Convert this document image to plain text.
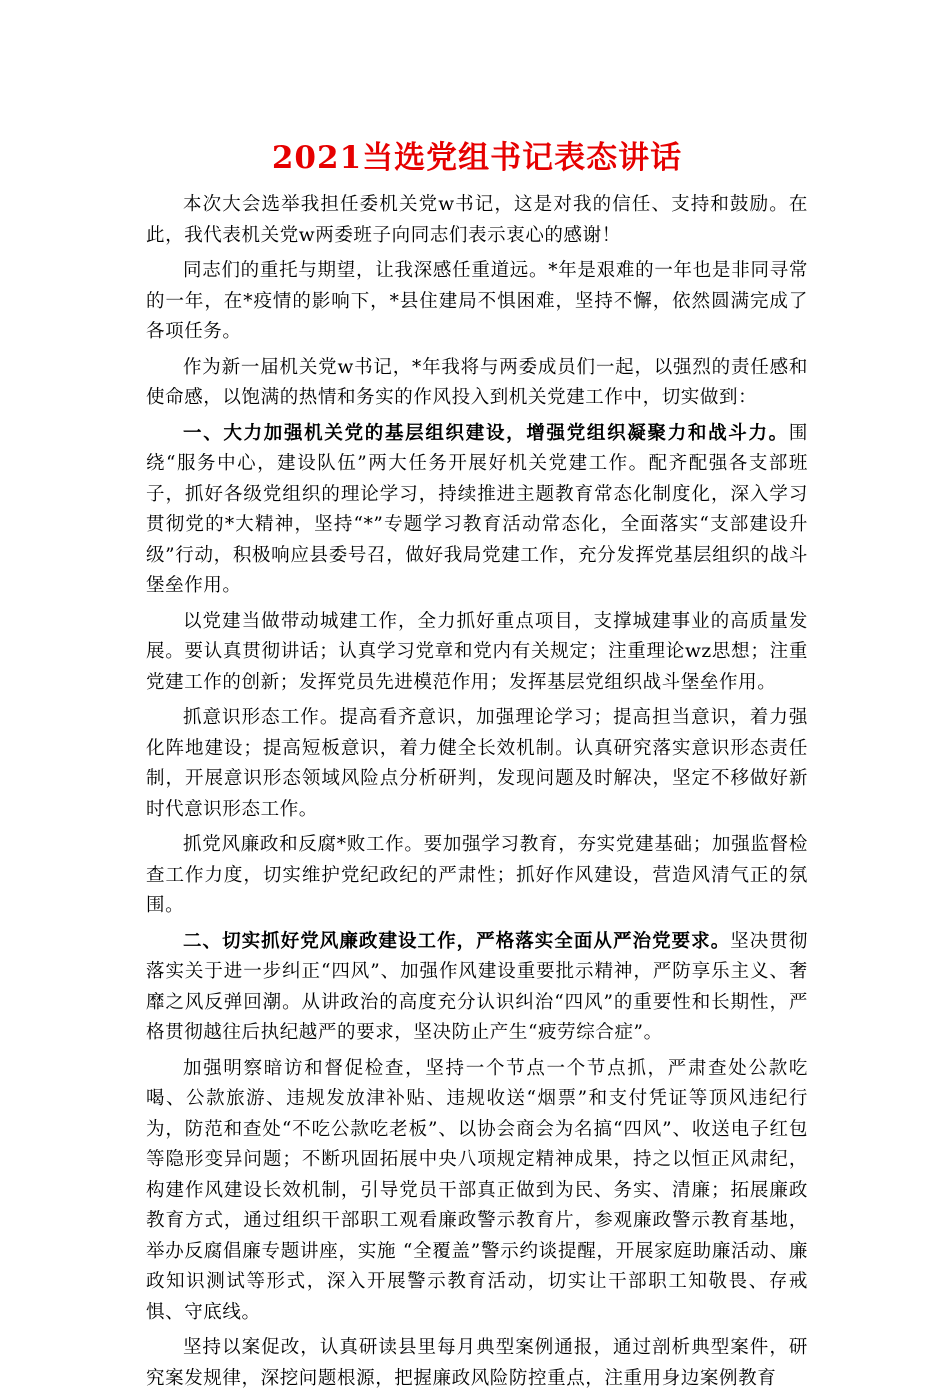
2021当选党组书记表态讲话

本次大会选举我担任委机关党w书记，这是对我的信任、支持和鼓励。在此，我代表机关党w两委班子向同志们表示衷心的感谢！

同志们的重托与期望，让我深感任重道远。*年是艰难的一年也是非同寻常的一年，在*疫情的影响下，*县住建局不惧困难，坚持不懈，依然圆满完成了各项任务。

作为新一届机关党w书记，*年我将与两委成员们一起，以强烈的责任感和使命感，以饱满的热情和务实的作风投入到机关党建工作中，切实做到：

一、大力加强机关党的基层组织建设，增强党组织凝聚力和战斗力。围绕“服务中心，建设队伍”两大任务开展好机关党建工作。配齐配强各支部班子，抓好各级党组织的理论学习，持续推进主题教育常态化制度化，深入学习贯彻党的*大精神，坚持“*”专题学习教育活动常态化，全面落实“支部建设升级”行动，积极响应县委号召，做好我局党建工作，充分发挥党基层组织的战斗堡垒作用。

以党建当做带动城建工作，全力抓好重点项目，支撑城建事业的高质量发展。要认真贯彻讲话；认真学习党章和党内有关规定；注重理论wz思想；注重党建工作的创新；发挥党员先进模范作用；发挥基层党组织战斗堡垒作用。

抓意识形态工作。提高看齐意识，加强理论学习；提高担当意识，着力强化阵地建设；提高短板意识，着力健全长效机制。认真研究落实意识形态责任制，开展意识形态领域风险点分析研判，发现问题及时解决，坚定不移做好新时代意识形态工作。

抓党风廉政和反腐*败工作。要加强学习教育，夯实党建基础；加强监督检查工作力度，切实维护党纪政纪的严肃性；抓好作风建设，营造风清气正的氛围。

二、切实抓好党风廉政建设工作，严格落实全面从严治党要求。坚决贯彻落实关于进一步纠正“四风”、加强作风建设重要批示精神，严防享乐主义、奢靡之风反弹回潮。从讲政治的高度充分认识纠治“四风”的重要性和长期性，严格贯彻越往后执纪越严的要求，坚决防止产生“疲劳综合症”。

加强明察暗访和督促检查，坚持一个节点一个节点抓，严肃查处公款吃喝、公款旅游、违规发放津补贴、违规收送“烟票”和支付凭证等顶风违纪行为，防范和查处“不吃公款吃老板”、以协会商会为名搞“四风”、收送电子红包等隐形变异问题；不断巩固拓展中央八项规定精神成果，持之以恒正风肃纪，构建作风建设长效机制，引导党员干部真正做到为民、务实、清廉；拓展廉政教育方式，通过组织干部职工观看廉政警示教育片，参观廉政警示教育基地，举办反腐倡廉专题讲座，实施 “全覆盖”警示约谈提醒，开展家庭助廉活动、廉政知识测试等形式，深入开展警示教育活动，切实让干部职工知敬畏、存戒惧、守底线。

坚持以案促改，认真研读县里每月典型案例通报，通过剖析典型案件，研究案发规律，深挖问题根源，把握廉政风险防控重点，注重用身边案例教育
